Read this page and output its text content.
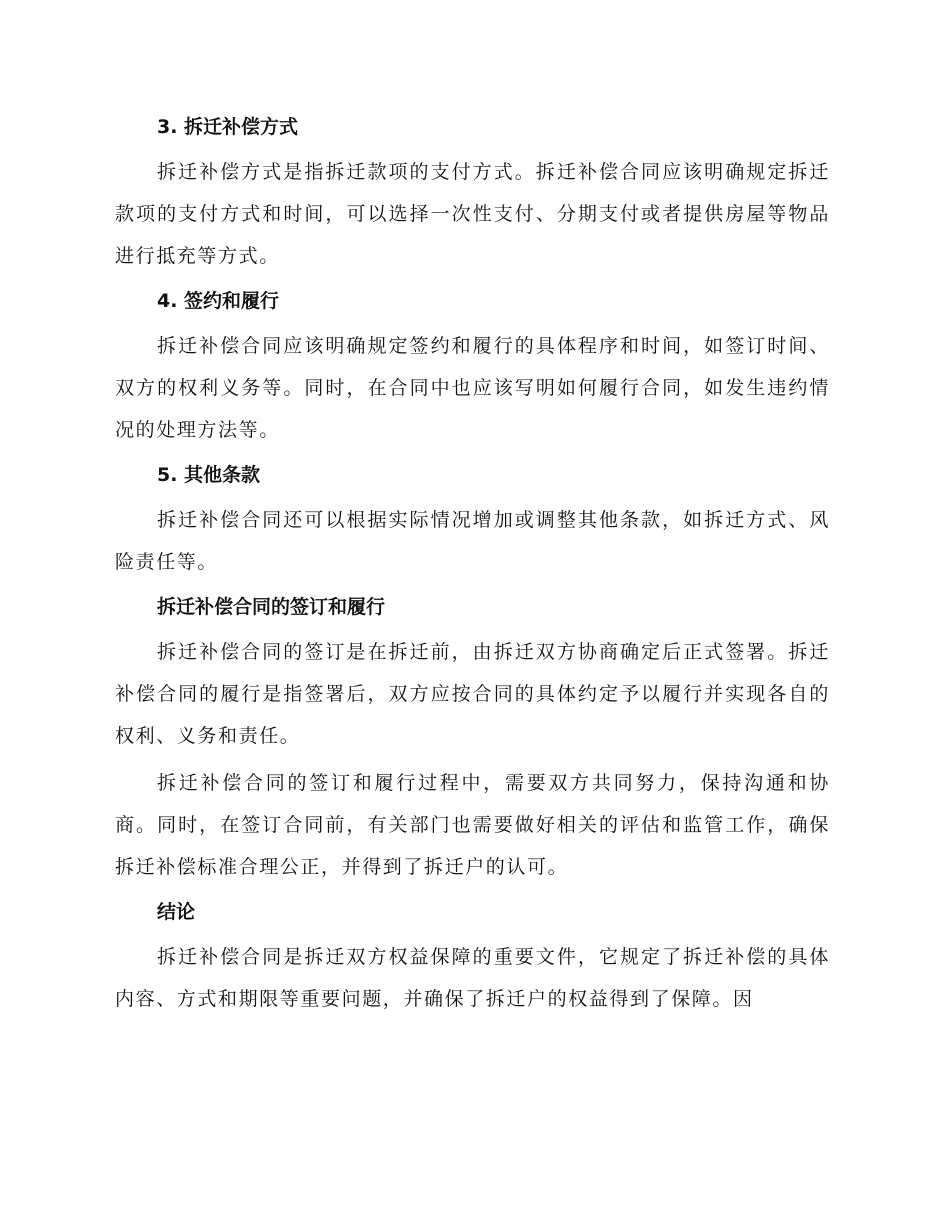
3. 拆迁补偿方式

拆迁补偿方式是指拆迁款项的支付方式。拆迁补偿合同应该明确规定拆迁款项的支付方式和时间，可以选择一次性支付、分期支付或者提供房屋等物品进行抵充等方式。

4. 签约和履行

拆迁补偿合同应该明确规定签约和履行的具体程序和时间，如签订时间、双方的权利义务等。同时，在合同中也应该写明如何履行合同，如发生违约情况的处理方法等。

5. 其他条款

拆迁补偿合同还可以根据实际情况增加或调整其他条款，如拆迁方式、风险责任等。

拆迁补偿合同的签订和履行

拆迁补偿合同的签订是在拆迁前，由拆迁双方协商确定后正式签署。拆迁补偿合同的履行是指签署后，双方应按合同的具体约定予以履行并实现各自的权利、义务和责任。

拆迁补偿合同的签订和履行过程中，需要双方共同努力，保持沟通和协商。同时，在签订合同前，有关部门也需要做好相关的评估和监管工作，确保拆迁补偿标准合理公正，并得到了拆迁户的认可。

结论

拆迁补偿合同是拆迁双方权益保障的重要文件，它规定了拆迁补偿的具体内容、方式和期限等重要问题，并确保了拆迁户的权益得到了保障。因
